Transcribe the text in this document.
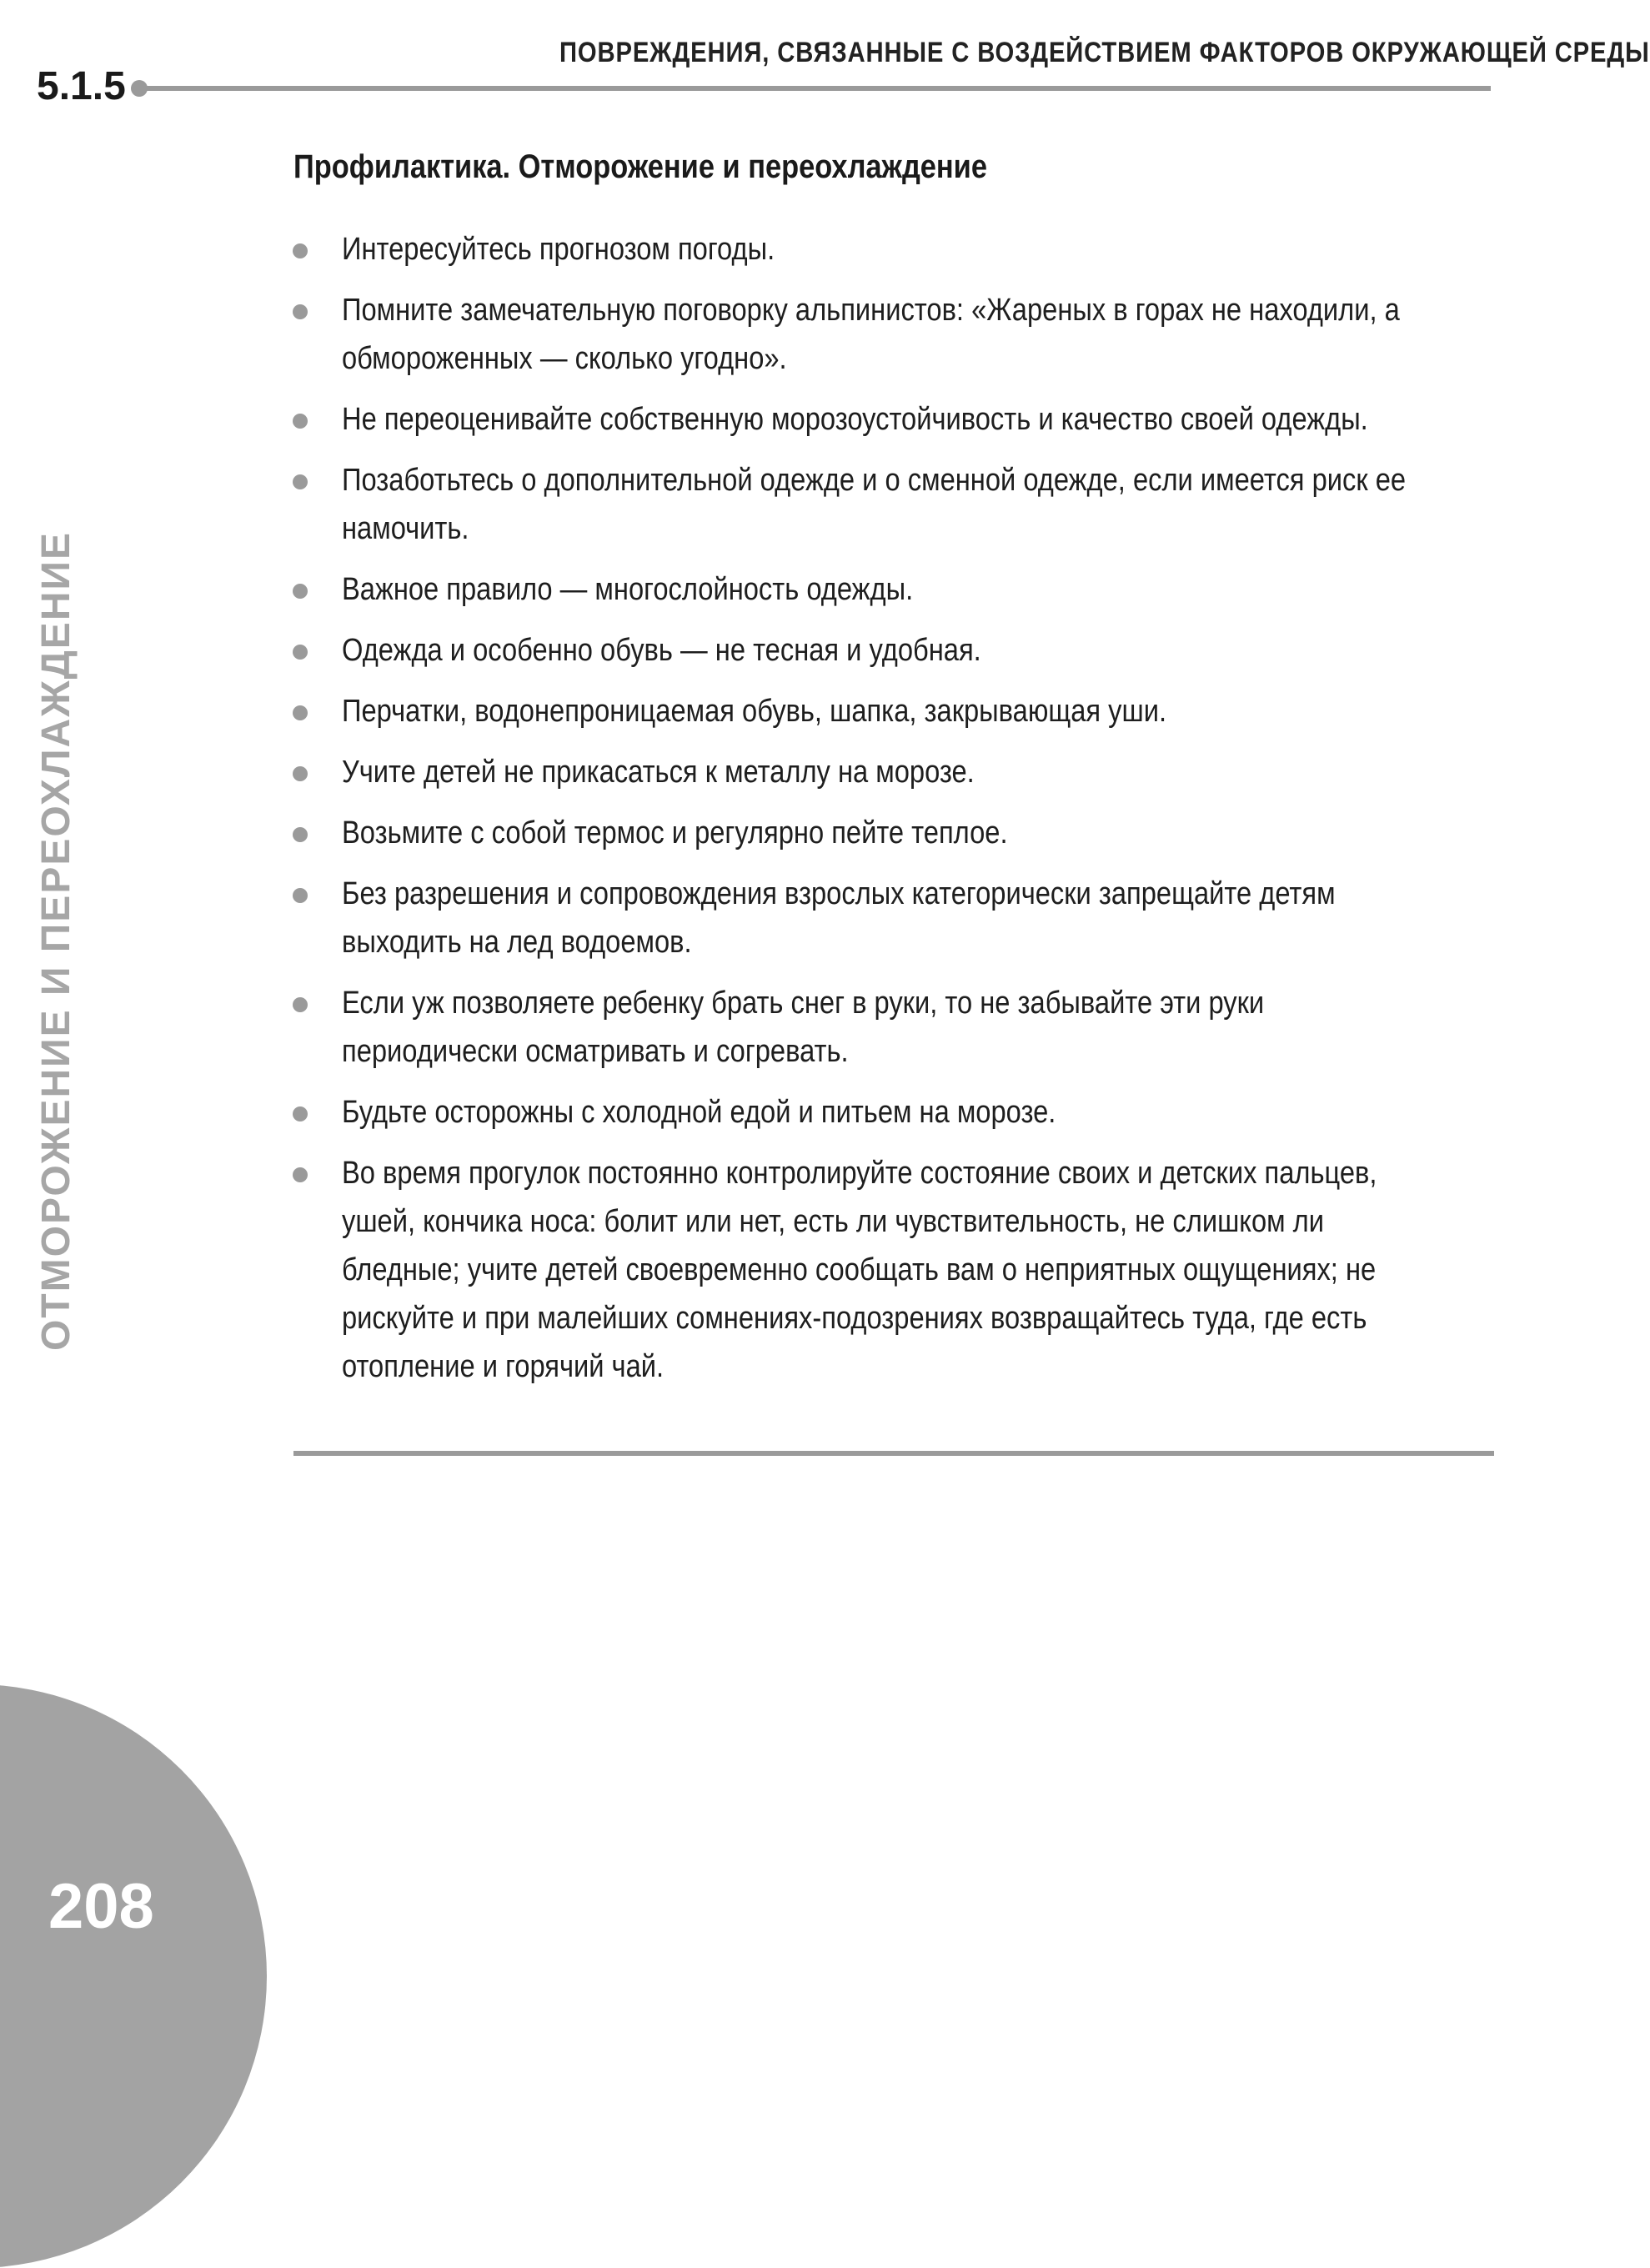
ПОВРЕЖДЕНИЯ, СВЯЗАННЫЕ С ВОЗДЕЙСТВИЕМ ФАКТОРОВ ОКРУЖАЮЩЕЙ СРЕДЫ
5.1.5
ОТМОРОЖЕНИЕ И ПЕРЕОХЛАЖДЕНИЕ
Профилактика. Отморожение и переохлаждение
Интересуйтесь прогнозом погоды.
Помните замечательную поговорку альпинистов: «Жареных в горах не находили, а обмороженных — сколько угодно».
Не переоценивайте собственную морозоустойчивость и качество своей одежды.
Позаботьтесь о дополнительной одежде и о сменной одежде, если имеется риск ее намочить.
Важное правило — многослойность одежды.
Одежда и особенно обувь — не тесная и удобная.
Перчатки, водонепроницаемая обувь, шапка, закрывающая уши.
Учите детей не прикасаться к металлу на морозе.
Возьмите с собой термос и регулярно пейте теплое.
Без разрешения и сопровождения взрослых категорически запрещайте детям выходить на лед водоемов.
Если уж позволяете ребенку брать снег в руки, то не забывайте эти руки периодически осматривать и согревать.
Будьте осторожны с холодной едой и питьем на морозе.
Во время прогулок постоянно контролируйте состояние своих и детских пальцев, ушей, кончика носа: болит или нет, есть ли чувствительность, не слишком ли бледные; учите детей своевременно сообщать вам о неприятных ощущениях; не рискуйте и при малейших сомнениях-подозрениях возвращайтесь туда, где есть отопление и горячий чай.
208
